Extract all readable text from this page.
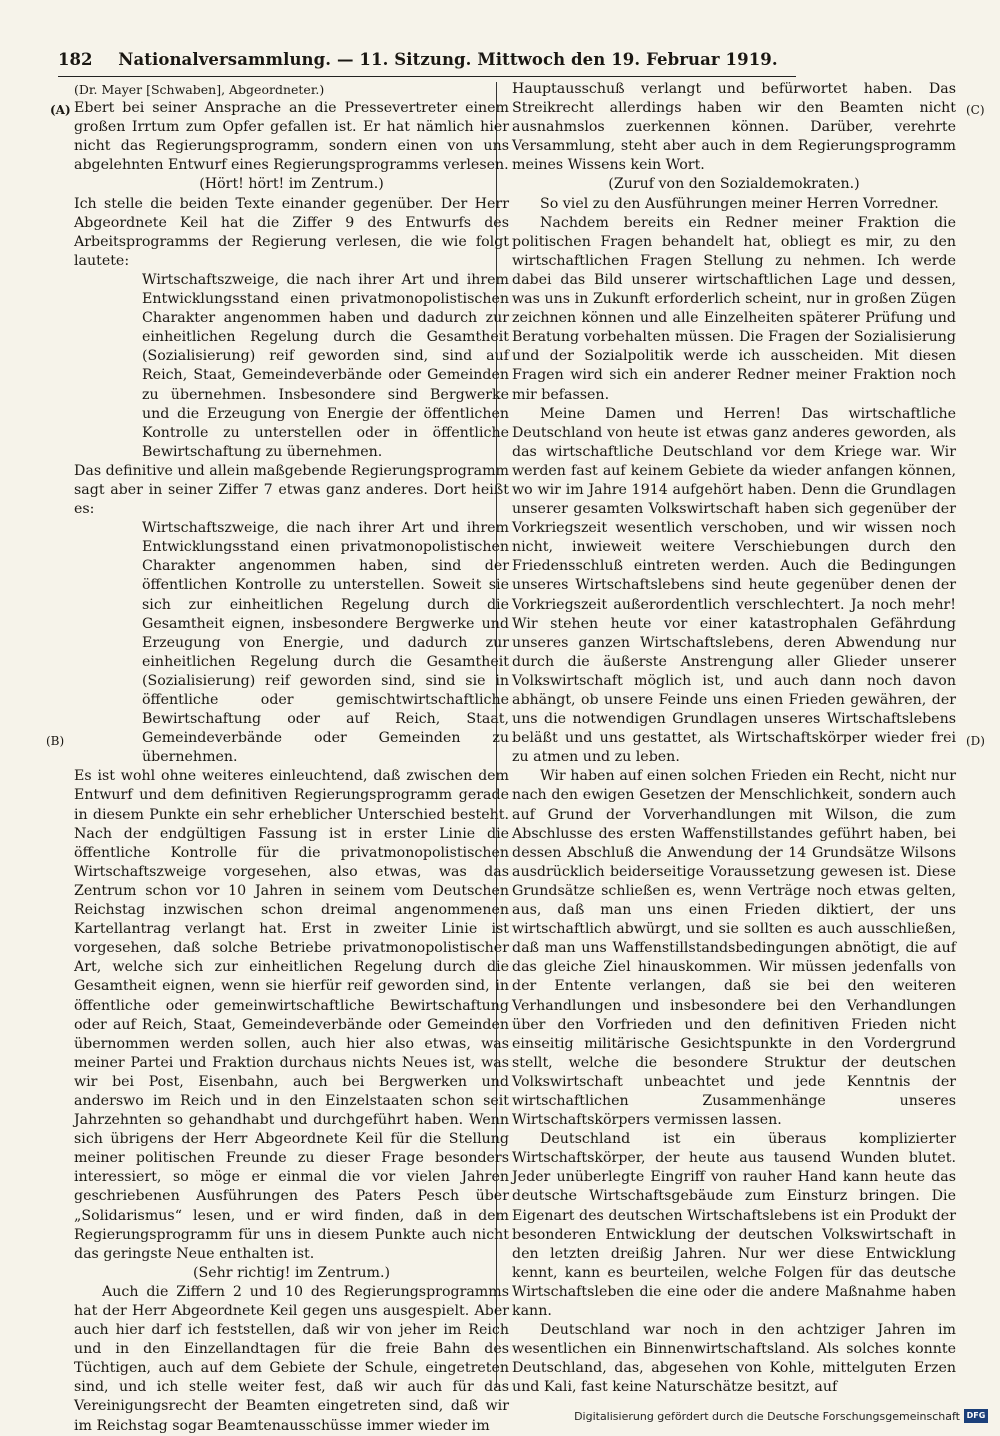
182	Nationalversammlung. — 11. Sitzung. Mittwoch den 19. Februar 1919.
(A)
(B)
(C)
(D)

(Dr. Mayer [Schwaben], Abgeordneter.)

Ebert bei seiner Ansprache an die Pressevertreter einem großen Irrtum zum Opfer gefallen ist. Er hat nämlich hier nicht das Regierungsprogramm, sondern einen von uns abgelehnten Entwurf eines Regierungsprogramms verlesen.

(Hört! hört! im Zentrum.)

Ich stelle die beiden Texte einander gegenüber. Der Herr Abgeordnete Keil hat die Ziffer 9 des Entwurfs des Arbeitsprogramms der Regierung verlesen, die wie folgt lautete:

Wirtschaftszweige, die nach ihrer Art und ihrem Entwicklungsstand einen privatmonopolistischen Charakter angenommen haben und dadurch zur einheitlichen Regelung durch die Gesamtheit (Sozialisierung) reif geworden sind, sind auf Reich, Staat, Gemeindeverbände oder Gemeinden zu übernehmen. Insbesondere sind Bergwerke und die Erzeugung von Energie der öffentlichen Kontrolle zu unterstellen oder in öffentliche Bewirtschaftung zu übernehmen.

Das definitive und allein maßgebende Regierungsprogramm sagt aber in seiner Ziffer 7 etwas ganz anderes. Dort heißt es:

Wirtschaftszweige, die nach ihrer Art und ihrem Entwicklungsstand einen privatmonopolistischen Charakter angenommen haben, sind der öffentlichen Kontrolle zu unterstellen. Soweit sie sich zur einheitlichen Regelung durch die Gesamtheit eignen, insbesondere Bergwerke und Erzeugung von Energie, und dadurch zur einheitlichen Regelung durch die Gesamtheit (Sozialisierung) reif geworden sind, sind sie in öffentliche oder gemischtwirtschaftliche Bewirtschaftung oder auf Reich, Staat, Gemeindeverbände oder Gemeinden zu übernehmen.

Es ist wohl ohne weiteres einleuchtend, daß zwischen dem Entwurf und dem definitiven Regierungsprogramm gerade in diesem Punkte ein sehr erheblicher Unterschied besteht. Nach der endgültigen Fassung ist in erster Linie die öffentliche Kontrolle für die privatmonopolistischen Wirtschaftszweige vorgesehen, also etwas, was das Zentrum schon vor 10 Jahren in seinem vom Deutschen Reichstag inzwischen schon dreimal angenommenen Kartellantrag verlangt hat. Erst in zweiter Linie ist vorgesehen, daß solche Betriebe privatmonopolistischer Art, welche sich zur einheitlichen Regelung durch die Gesamtheit eignen, wenn sie hierfür reif geworden sind, in öffentliche oder gemeinwirtschaftliche Bewirtschaftung oder auf Reich, Staat, Gemeindeverbände oder Gemeinden übernommen werden sollen, auch hier also etwas, was meiner Partei und Fraktion durchaus nichts Neues ist, was wir bei Post, Eisenbahn, auch bei Bergwerken und anderswo im Reich und in den Einzelstaaten schon seit Jahrzehnten so gehandhabt und durchgeführt haben. Wenn sich übrigens der Herr Abgeordnete Keil für die Stellung meiner politischen Freunde zu dieser Frage besonders interessiert, so möge er einmal die vor vielen Jahren geschriebenen Ausführungen des Paters Pesch über „Solidarismus“ lesen, und er wird finden, daß in dem Regierungsprogramm für uns in diesem Punkte auch nicht das geringste Neue enthalten ist.

(Sehr richtig! im Zentrum.)

Auch die Ziffern 2 und 10 des Regierungsprogramms hat der Herr Abgeordnete Keil gegen uns ausgespielt. Aber auch hier darf ich feststellen, daß wir von jeher im Reich und in den Einzellandtagen für die freie Bahn des Tüchtigen, auch auf dem Gebiete der Schule, eingetreten sind, und ich stelle weiter fest, daß wir auch für das Vereinigungsrecht der Beamten eingetreten sind, daß wir im Reichstag sogar Beamtenausschüsse immer wieder im

Hauptausschuß verlangt und befürwortet haben. Das Streikrecht allerdings haben wir den Beamten nicht ausnahmslos zuerkennen können. Darüber, verehrte Versammlung, steht aber auch in dem Regierungsprogramm meines Wissens kein Wort.

(Zuruf von den Sozialdemokraten.)

So viel zu den Ausführungen meiner Herren Vorredner.

Nachdem bereits ein Redner meiner Fraktion die politischen Fragen behandelt hat, obliegt es mir, zu den wirtschaftlichen Fragen Stellung zu nehmen. Ich werde dabei das Bild unserer wirtschaftlichen Lage und dessen, was uns in Zukunft erforderlich scheint, nur in großen Zügen zeichnen können und alle Einzelheiten späterer Prüfung und Beratung vorbehalten müssen. Die Fragen der Sozialisierung und der Sozialpolitik werde ich ausscheiden. Mit diesen Fragen wird sich ein anderer Redner meiner Fraktion noch mir befassen.

Meine Damen und Herren! Das wirtschaftliche Deutschland von heute ist etwas ganz anderes geworden, als das wirtschaftliche Deutschland vor dem Kriege war. Wir werden fast auf keinem Gebiete da wieder anfangen können, wo wir im Jahre 1914 aufgehört haben. Denn die Grundlagen unserer gesamten Volkswirtschaft haben sich gegenüber der Vorkriegszeit wesentlich verschoben, und wir wissen noch nicht, inwieweit weitere Verschiebungen durch den Friedensschluß eintreten werden. Auch die Bedingungen unseres Wirtschaftslebens sind heute gegenüber denen der Vorkriegszeit außerordentlich verschlechtert. Ja noch mehr! Wir stehen heute vor einer katastrophalen Gefährdung unseres ganzen Wirtschaftslebens, deren Abwendung nur durch die äußerste Anstrengung aller Glieder unserer Volkswirtschaft möglich ist, und auch dann noch davon abhängt, ob unsere Feinde uns einen Frieden gewähren, der uns die notwendigen Grundlagen unseres Wirtschaftslebens beläßt und uns gestattet, als Wirtschaftskörper wieder frei zu atmen und zu leben.

Wir haben auf einen solchen Frieden ein Recht, nicht nur nach den ewigen Gesetzen der Menschlichkeit, sondern auch auf Grund der Vorverhandlungen mit Wilson, die zum Abschlusse des ersten Waffenstillstandes geführt haben, bei dessen Abschluß die Anwendung der 14 Grundsätze Wilsons ausdrücklich beiderseitige Voraussetzung gewesen ist. Diese Grundsätze schließen es, wenn Verträge noch etwas gelten, aus, daß man uns einen Frieden diktiert, der uns wirtschaftlich abwürgt, und sie sollten es auch ausschließen, daß man uns Waffenstillstandsbedingungen abnötigt, die auf das gleiche Ziel hinauskommen. Wir müssen jedenfalls von der Entente verlangen, daß sie bei den weiteren Verhandlungen und insbesondere bei den Verhandlungen über den Vorfrieden und den definitiven Frieden nicht einseitig militärische Gesichtspunkte in den Vordergrund stellt, welche die besondere Struktur der deutschen Volkswirtschaft unbeachtet und jede Kenntnis der wirtschaftlichen Zusammenhänge unseres Wirtschaftskörpers vermissen lassen.

Deutschland ist ein überaus komplizierter Wirtschaftskörper, der heute aus tausend Wunden blutet. Jeder unüberlegte Eingriff von rauher Hand kann heute das deutsche Wirtschaftsgebäude zum Einsturz bringen. Die Eigenart des deutschen Wirtschaftslebens ist ein Produkt der besonderen Entwicklung der deutschen Volkswirtschaft in den letzten dreißig Jahren. Nur wer diese Entwicklung kennt, kann es beurteilen, welche Folgen für das deutsche Wirtschaftsleben die eine oder die andere Maßnahme haben kann.

Deutschland war noch in den achtziger Jahren im wesentlichen ein Binnenwirtschaftsland. Als solches konnte Deutschland, das, abgesehen von Kohle, mittelguten Erzen und Kali, fast keine Naturschätze besitzt, auf

Digitalisierung gefördert durch die Deutsche Forschungsgemeinschaft DFG
